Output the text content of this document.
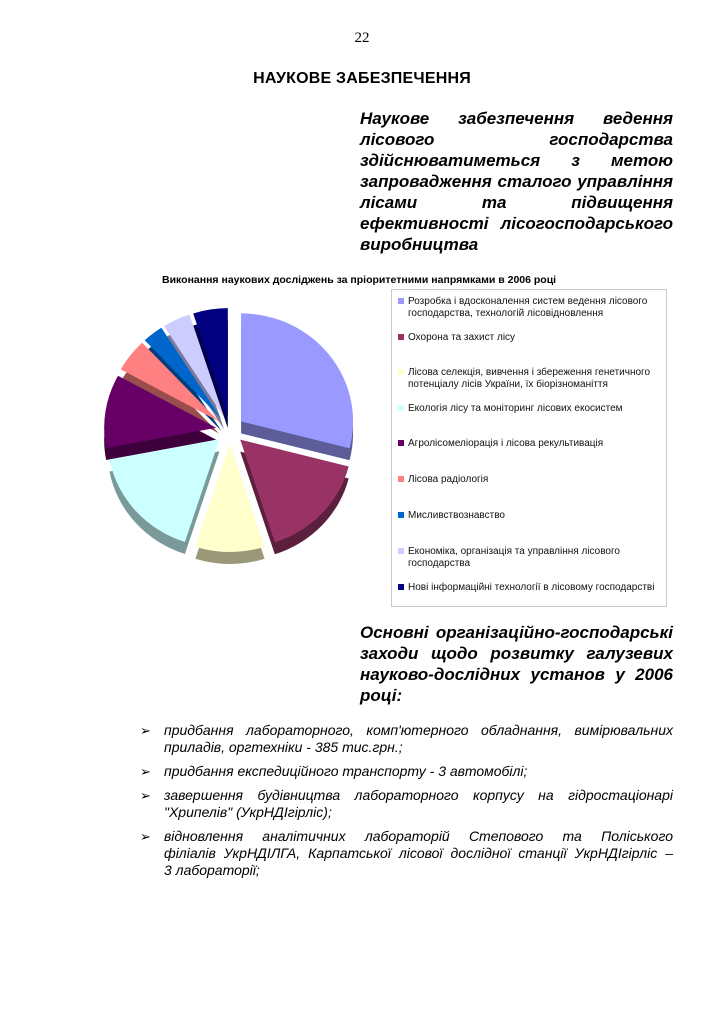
22
НАУКОВЕ ЗАБЕЗПЕЧЕННЯ
Наукове забезпечення ведення
лісового господарства
здійснюватиметься з метою
запровадження сталого управління
лісами та підвищення
ефективності лісогосподарського
виробництва
Виконання наукових досліджень за пріоритетними напрямками в 2006 році
Розробка і вдосконалення систем ведення лісового господарства, технологій лісовідновлення
Охорона та захист лісу
Лісова селекція, вивчення і збереження генетичного потенціалу лісів України, їх біорізноманіття
Екологія лісу та моніторинг лісових екосистем
Агролісомеліорація і лісова рекультивація
Лісова радіологія
Мисливствознавство
Економіка, організація та управління лісового господарства
Нові інформаційні технології в лісовому господарстві
Основні організаційно-господарські
заходи щодо розвитку галузевих
науково-дослідних установ у 2006
році:
➢ придбання лабораторного, комп'ютерного обладнання, вимірювальних
приладів, оргтехніки - 385 тис.грн.;
➢ придбання експедиційного транспорту - 3 автомобілі;
➢ завершення будівництва лабораторного корпусу на гідростаціонарі
"Хрипелів" (УкрНДІгірліс);
➢ відновлення аналітичних лабораторій Степового та Поліського
філіалів УкрНДІЛГА, Карпатської лісової дослідної станції УкрНДІгірліс –
3 лабораторії;
